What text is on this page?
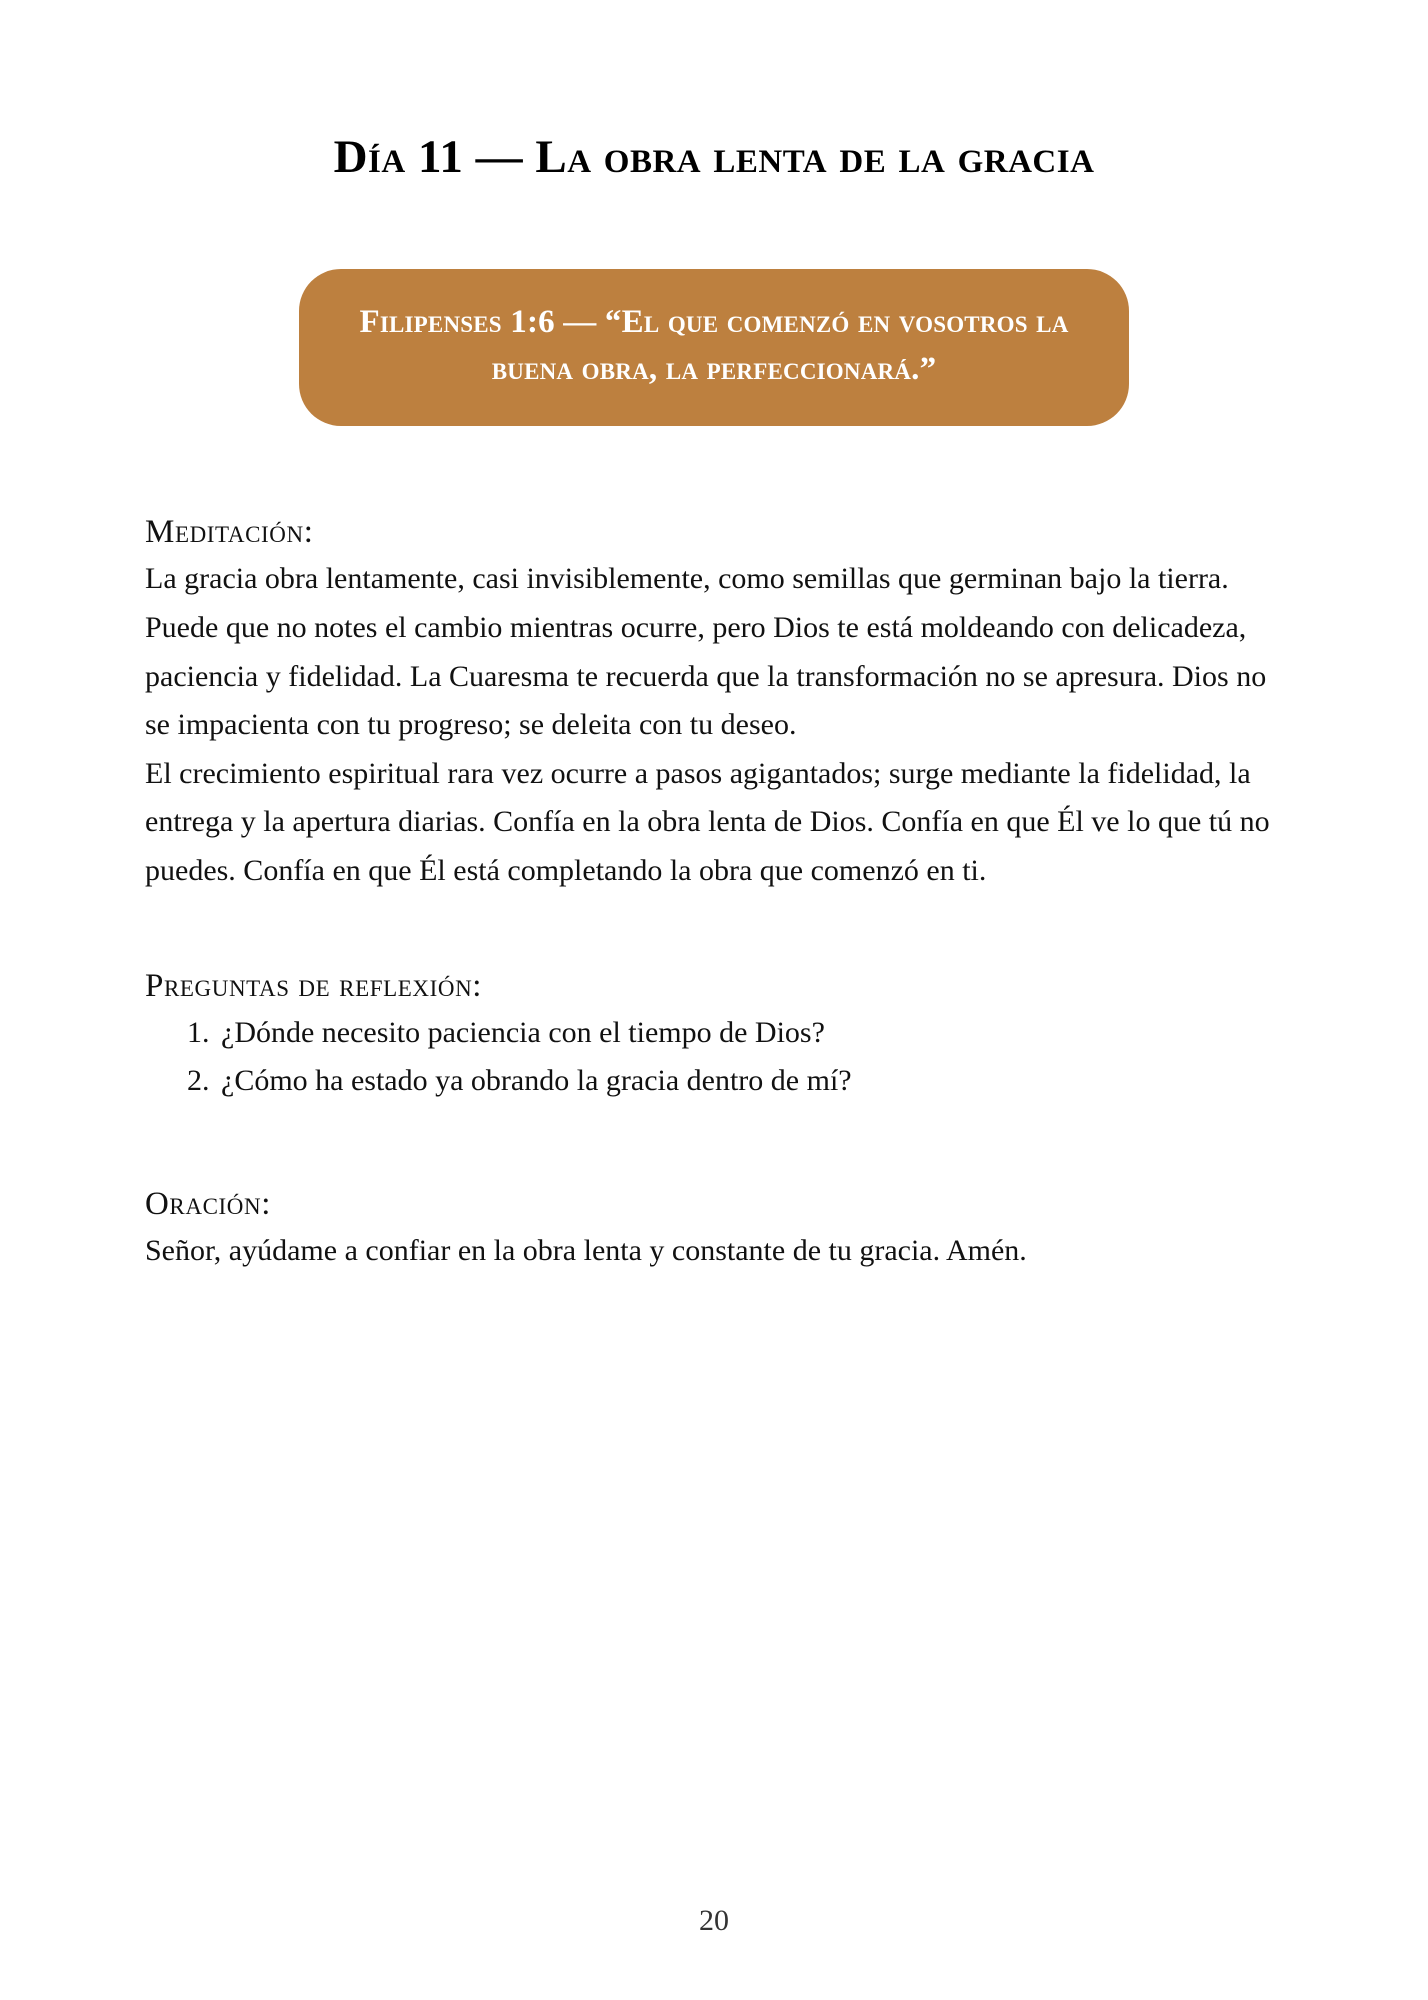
Día 11 — La obra lenta de la gracia

Filipenses 1:6 — “El que comenzó en vosotros la buena obra, la perfeccionará.”

Meditación:

La gracia obra lentamente, casi invisiblemente, como semillas que germinan bajo la tierra. Puede que no notes el cambio mientras ocurre, pero Dios te está moldeando con delicadeza, paciencia y fidelidad. La Cuaresma te recuerda que la transformación no se apresura. Dios no se impacienta con tu progreso; se deleita con tu deseo.

El crecimiento espiritual rara vez ocurre a pasos agigantados; surge mediante la fidelidad, la entrega y la apertura diarias. Confía en la obra lenta de Dios. Confía en que Él ve lo que tú no puedes. Confía en que Él está completando la obra que comenzó en ti.

Preguntas de reflexión:
1. ¿Dónde necesito paciencia con el tiempo de Dios?
2. ¿Cómo ha estado ya obrando la gracia dentro de mí?
Oración:

Señor, ayúdame a confiar en la obra lenta y constante de tu gracia. Amén.

20
